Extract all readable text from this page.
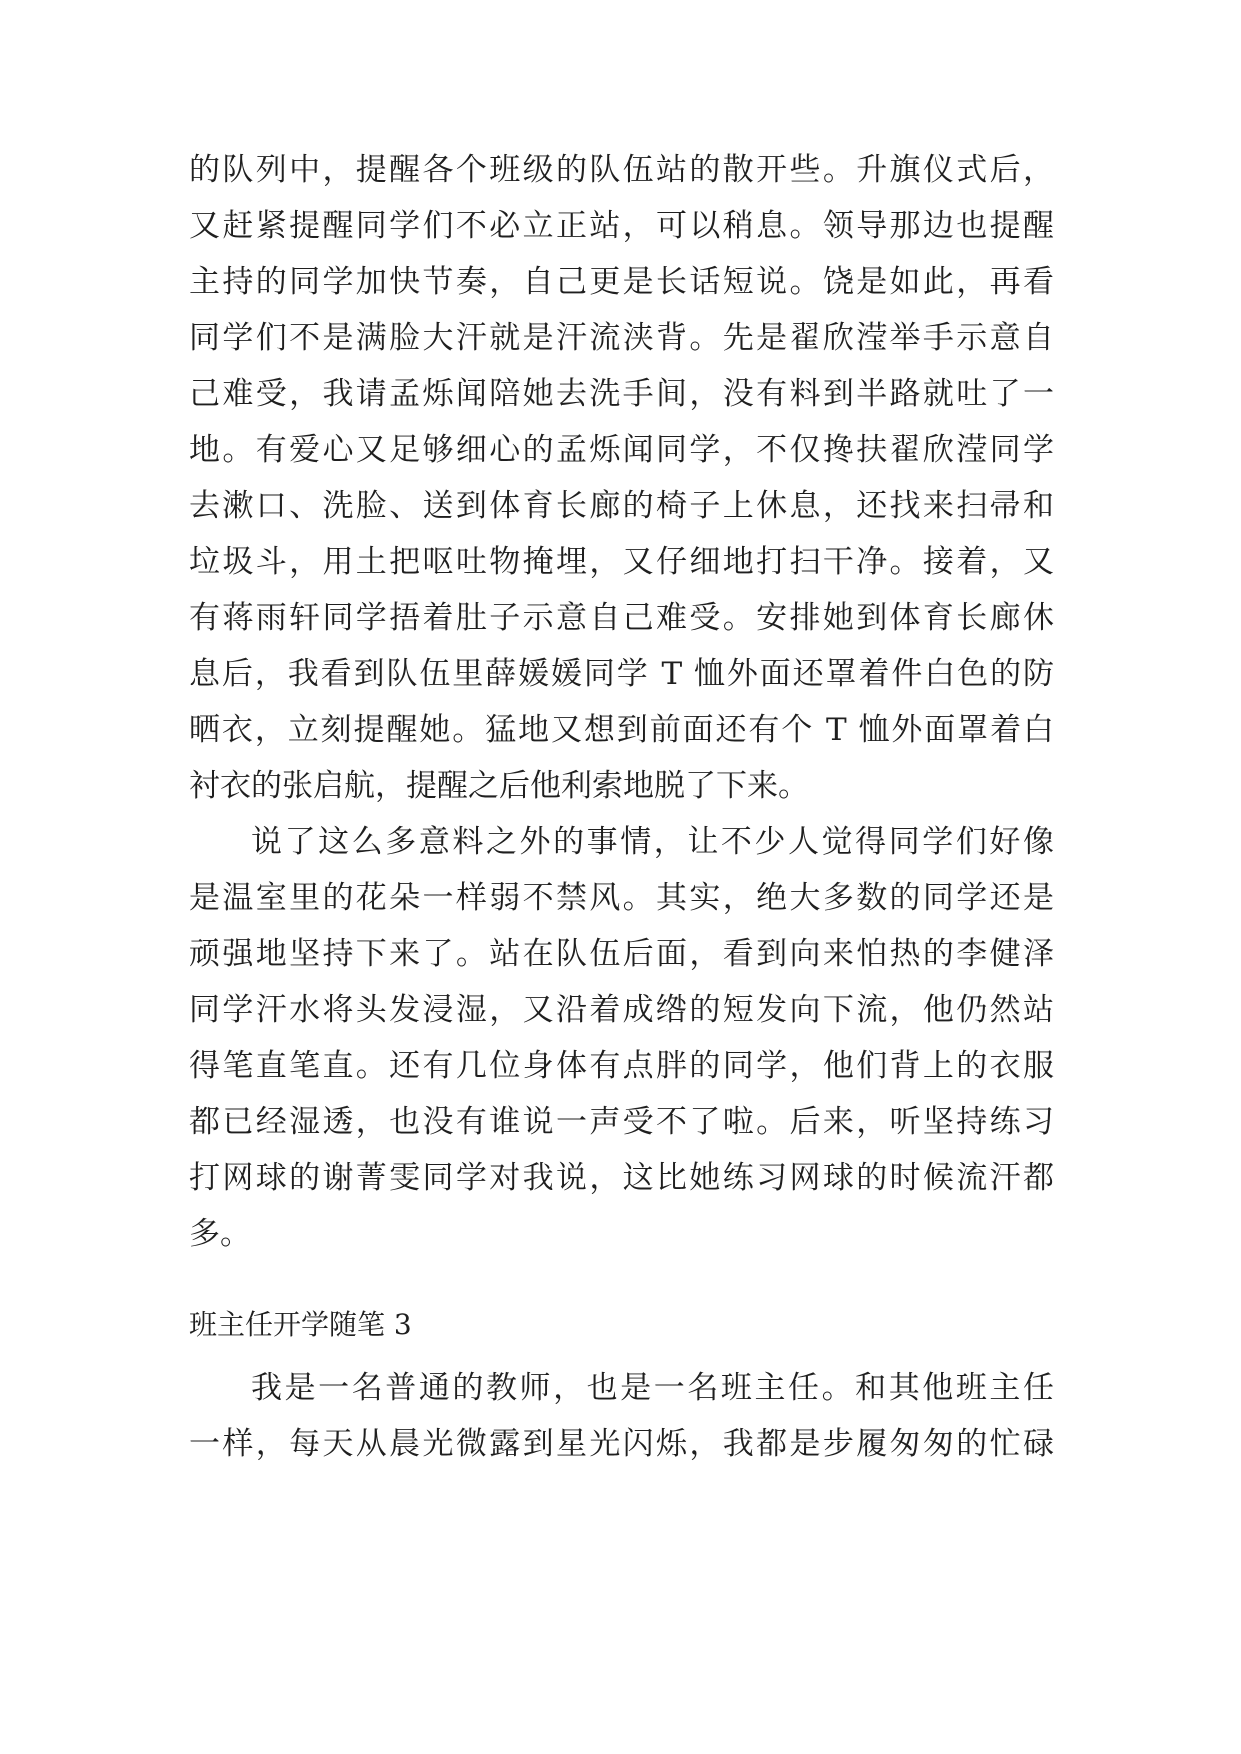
的队列中，提醒各个班级的队伍站的散开些。升旗仪式后，
又赶紧提醒同学们不必立正站，可以稍息。领导那边也提醒
主持的同学加快节奏，自己更是长话短说。饶是如此，再看
同学们不是满脸大汗就是汗流浃背。先是翟欣滢举手示意自
己难受，我请孟烁闻陪她去洗手间，没有料到半路就吐了一
地。有爱心又足够细心的孟烁闻同学，不仅搀扶翟欣滢同学
去漱口、洗脸、送到体育长廊的椅子上休息，还找来扫帚和
垃圾斗，用土把呕吐物掩埋，又仔细地打扫干净。接着，又
有蒋雨轩同学捂着肚子示意自己难受。安排她到体育长廊休
息后，我看到队伍里薛媛媛同学 T 恤外面还罩着件白色的防
晒衣，立刻提醒她。猛地又想到前面还有个 T 恤外面罩着白
衬衣的张启航，提醒之后他利索地脱了下来。
说了这么多意料之外的事情，让不少人觉得同学们好像
是温室里的花朵一样弱不禁风。其实，绝大多数的同学还是
顽强地坚持下来了。站在队伍后面，看到向来怕热的李健泽
同学汗水将头发浸湿，又沿着成绺的短发向下流，他仍然站
得笔直笔直。还有几位身体有点胖的同学，他们背上的衣服
都已经湿透，也没有谁说一声受不了啦。后来，听坚持练习
打网球的谢菁雯同学对我说，这比她练习网球的时候流汗都
多。
班主任开学随笔 3
我是一名普通的教师，也是一名班主任。和其他班主任
一样，每天从晨光微露到星光闪烁，我都是步履匆匆的忙碌
